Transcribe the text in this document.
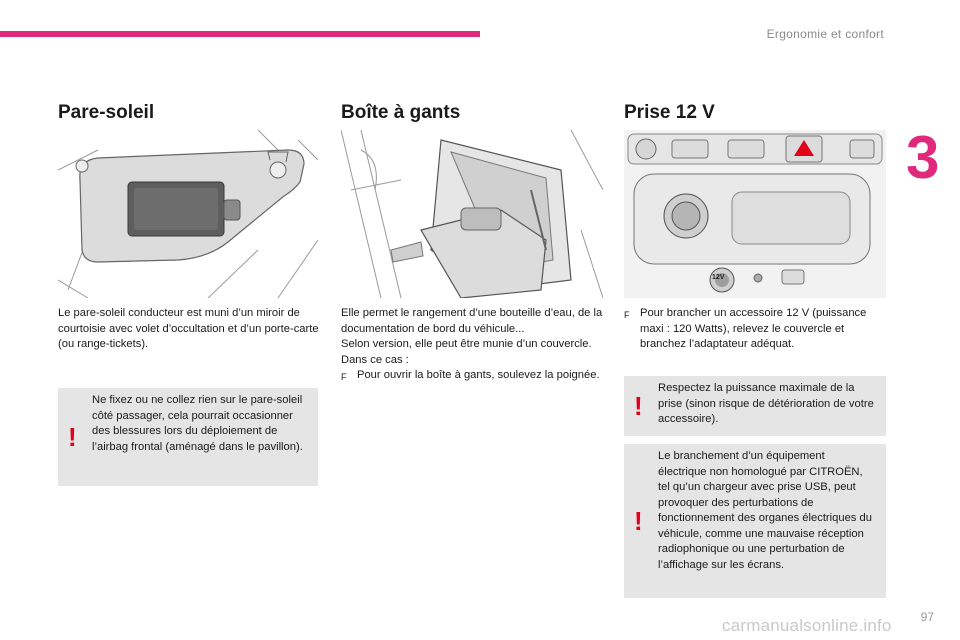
Ergonomie et confort
3
Pare-soleil

Le pare-soleil conducteur est muni d’un miroir de courtoisie avec volet d’occultation et d’un porte-carte (ou range-tickets).

!
Ne fixez ou ne collez rien sur le pare-soleil côté passager, cela pourrait occasionner des blessures lors du déploiement de l’airbag frontal (aménagé dans le pavillon).
Boîte à gants

Elle permet le rangement d’une bouteille d’eau, de la documentation de bord du véhicule...

Selon version, elle peut être munie d’un couvercle. Dans ce cas :

F Pour ouvrir la boîte à gants, soulevez la poignée.
Prise 12 V
12V
F Pour brancher un accessoire 12 V (puissance maxi : 120 Watts), relevez le couvercle et branchez l’adaptateur adéquat.
!
Respectez la puissance maximale de la prise (sinon risque de détérioration de votre accessoire).
!
Le branchement d’un équipement électrique non homologué par CITROËN, tel qu’un chargeur avec prise USB, peut provoquer des perturbations de fonctionnement des organes électriques du véhicule, comme une mauvaise réception radiophonique ou une perturbation de l’affichage sur les écrans.
carmanualsonline.info 97
